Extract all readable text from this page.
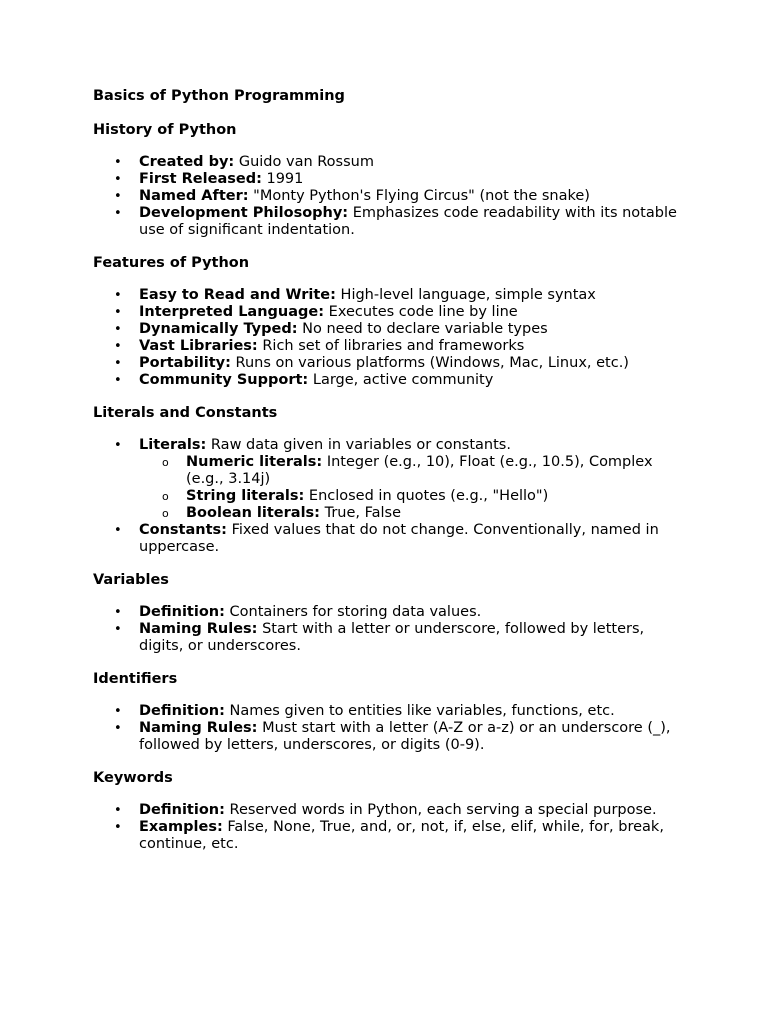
Basics of Python Programming
History of Python
• Created by: Guido van Rossum
• First Released: 1991
• Named After: "Monty Python's Flying Circus" (not the snake)
• Development Philosophy: Emphasizes code readability with its notable use of significant indentation.
Features of Python
• Easy to Read and Write: High-level language, simple syntax
• Interpreted Language: Executes code line by line
• Dynamically Typed: No need to declare variable types
• Vast Libraries: Rich set of libraries and frameworks
• Portability: Runs on various platforms (Windows, Mac, Linux, etc.)
• Community Support: Large, active community
Literals and Constants
• Literals: Raw data given in variables or constants.
o Numeric literals: Integer (e.g., 10), Float (e.g., 10.5), Complex (e.g., 3.14j)
o String literals: Enclosed in quotes (e.g., "Hello")
o Boolean literals: True, False
• Constants: Fixed values that do not change. Conventionally, named in uppercase.
Variables
• Definition: Containers for storing data values.
• Naming Rules: Start with a letter or underscore, followed by letters, digits, or underscores.
Identifiers
• Definition: Names given to entities like variables, functions, etc.
• Naming Rules: Must start with a letter (A-Z or a-z) or an underscore (_), followed by letters, underscores, or digits (0-9).
Keywords
• Definition: Reserved words in Python, each serving a special purpose.
• Examples: False, None, True, and, or, not, if, else, elif, while, for, break, continue, etc.
